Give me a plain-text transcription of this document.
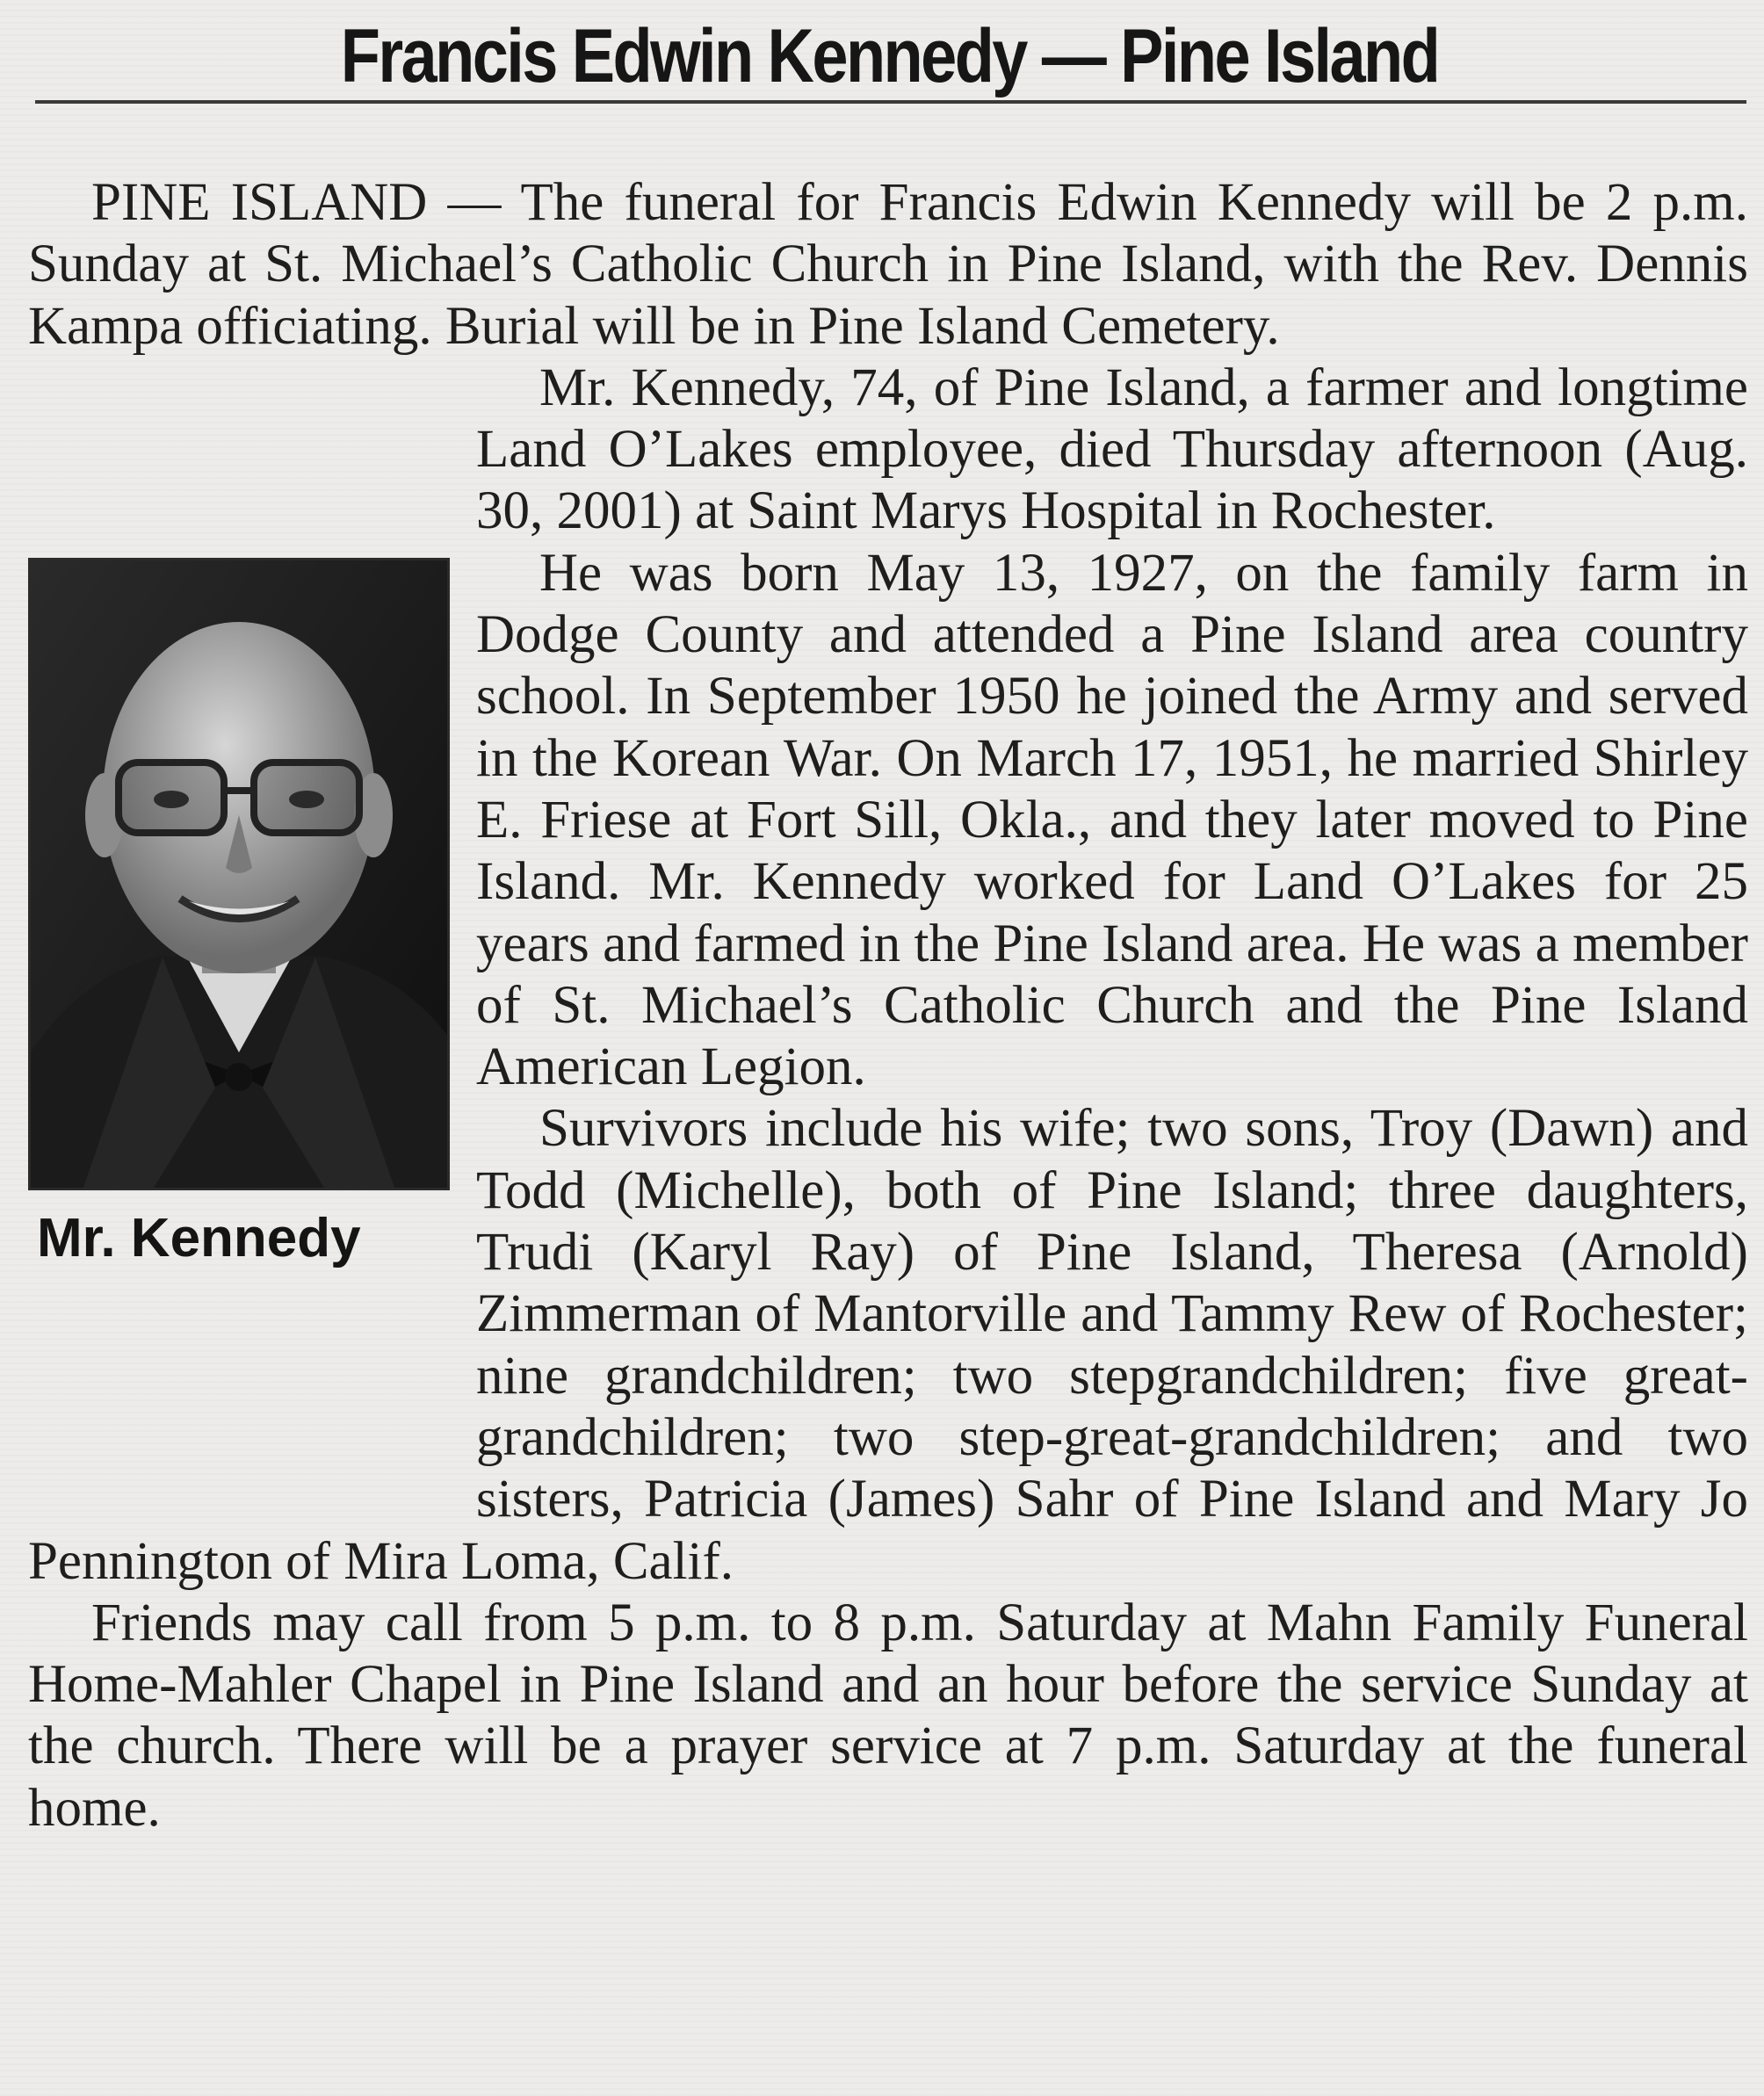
Francis Edwin Kennedy — Pine Island

PINE ISLAND — The funeral for Francis Edwin Kennedy will be 2 p.m. Sunday at St. Michael’s Catholic Church in Pine Island, with the Rev. Dennis Kampa officiating. Burial will be in Pine Island Cemetery.

Mr. Kennedy

Mr. Kennedy, 74, of Pine Island, a farmer and longtime Land O’Lakes employee, died Thursday afternoon (Aug. 30, 2001) at Saint Marys Hospital in Rochester.

He was born May 13, 1927, on the family farm in Dodge County and attended a Pine Island area country school. In September 1950 he joined the Army and served in the Korean War. On March 17, 1951, he married Shirley E. Friese at Fort Sill, Okla., and they later moved to Pine Island. Mr. Kennedy worked for Land O’Lakes for 25 years and farmed in the Pine Island area. He was a member of St. Michael’s Catholic Church and the Pine Island American Legion.

Survivors include his wife; two sons, Troy (Dawn) and Todd (Michelle), both of Pine Island; three daughters, Trudi (Karyl Ray) of Pine Island, Theresa (Arnold) Zimmerman of Mantorville and Tammy Rew of Rochester; nine grandchildren; two stepgrandchildren; five great-grandchildren; two step-great-grandchildren; and two sisters, Patricia (James) Sahr of Pine Island and Mary Jo Pennington of Mira Loma, Calif.

Friends may call from 5 p.m. to 8 p.m. Saturday at Mahn Family Funeral Home-Mahler Chapel in Pine Island and an hour before the service Sunday at the church. There will be a prayer service at 7 p.m. Saturday at the funeral home.
